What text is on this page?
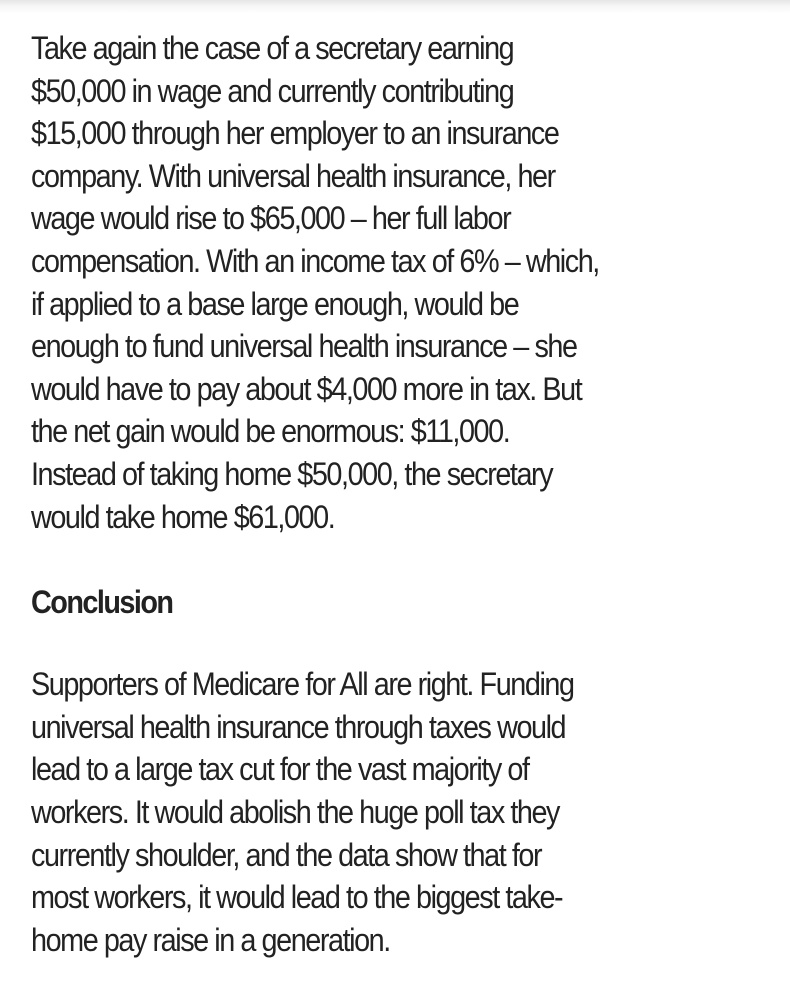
Take again the case of a secretary earning
$50,000 in wage and currently contributing
$15,000 through her employer to an insurance
company. With universal health insurance, her
wage would rise to $65,000 – her full labor
compensation. With an income tax of 6% – which,
if applied to a base large enough, would be
enough to fund universal health insurance – she
would have to pay about $4,000 more in tax. But
the net gain would be enormous: $11,000.
Instead of taking home $50,000, the secretary
would take home $61,000.

Conclusion

Supporters of Medicare for All are right. Funding
universal health insurance through taxes would
lead to a large tax cut for the vast majority of
workers. It would abolish the huge poll tax they
currently shoulder, and the data show that for
most workers, it would lead to the biggest take-
home pay raise in a generation.
